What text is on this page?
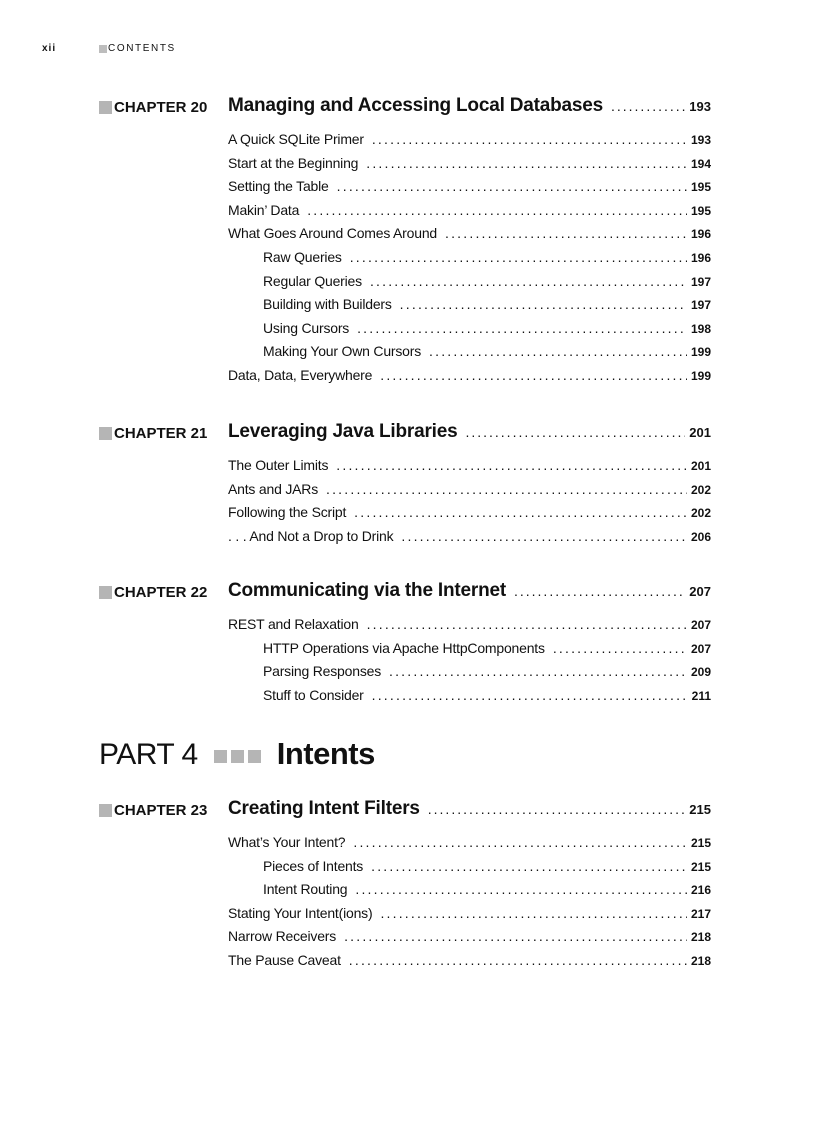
xii	CONTENTS
CHAPTER 20 Managing and Accessing Local Databases .....	193
A Quick SQLite Primer .....	193
Start at the Beginning .....	194
Setting the Table .....	195
Makin’ Data .....	195
What Goes Around Comes Around .....	196
Raw Queries .....	196
Regular Queries .....	197
Building with Builders .....	197
Using Cursors .....	198
Making Your Own Cursors .....	199
Data, Data, Everywhere .....	199
CHAPTER 21 Leveraging Java Libraries .....	201
The Outer Limits .....	201
Ants and JARs .....	202
Following the Script .....	202
. . . And Not a Drop to Drink .....	206
CHAPTER 22 Communicating via the Internet .....	207
REST and Relaxation .....	207
HTTP Operations via Apache HttpComponents .....	207
Parsing Responses .....	209
Stuff to Consider .....	211
PART 4	Intents
CHAPTER 23 Creating Intent Filters .....	215
What’s Your Intent? .....	215
Pieces of Intents .....	215
Intent Routing .....	216
Stating Your Intent(ions) .....	217
Narrow Receivers .....	218
The Pause Caveat .....	218
